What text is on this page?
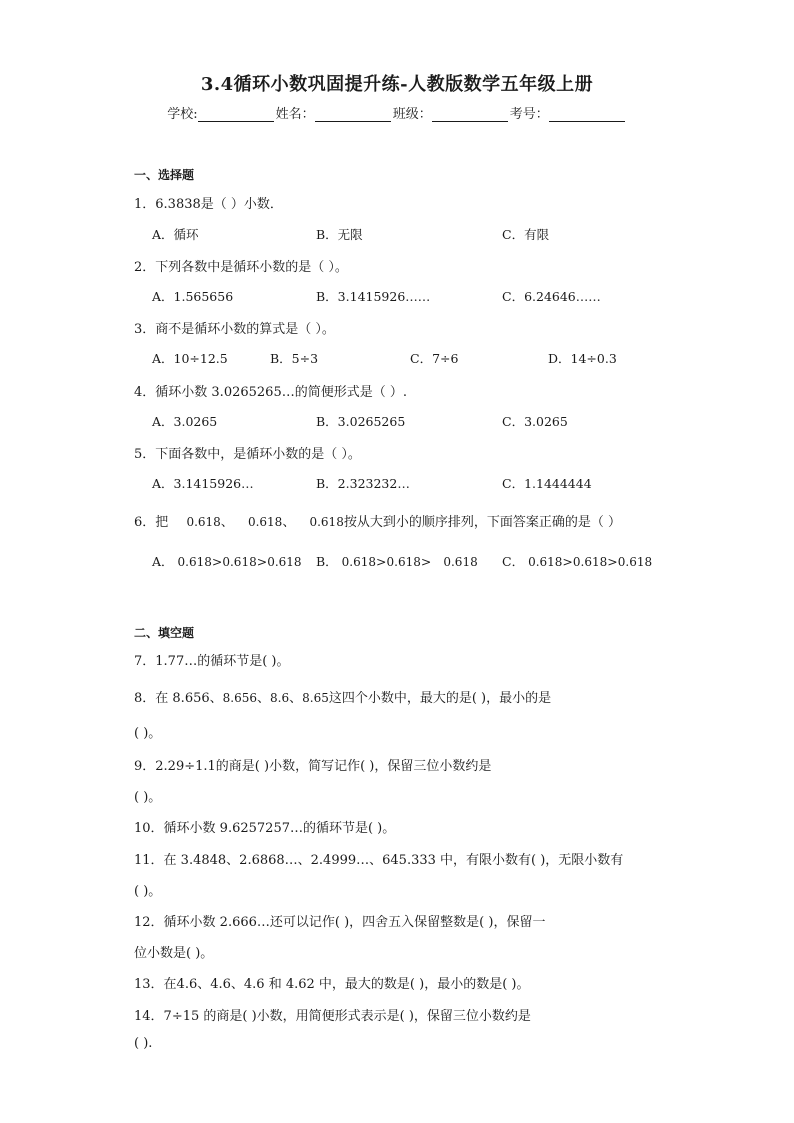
3.4循环小数巩固提升练-人教版数学五年级上册
学校:	姓名：	班级：	考号：
一、选择题
1．6.3838是（ ）小数．
A．循环	B．无限	C．有限
2．下列各数中是循环小数的是（ ）。
A．1.565656	B．3.1415926……	C．6.24646……
3．商不是循环小数的算式是（ ）。
A．10÷12.5	B．5÷3	C．7÷6	D．14÷0.3
4．循环小数 3.0265265…的简便形式是（ ）.
A．3.0265	B．3.0265265	C．3.0265
5．下面各数中，是循环小数的是（ ）。
A．3.1415926…	B．2.323232…	C．1.1444444
6．把 0.618、 0.618、 0.618按从大到小的顺序排列，下面答案正确的是（ ）
A． 0.618>0.618>0.618 B． 0.618>0.618> 0.618 C． 0.618>0.618>0.618
二、填空题
7．1.77…的循环节是( )。
8．在 8.656、8.656、8.6、8.65这四个小数中，最大的是( )，最小的是
( )。
9．2.29÷1.1的商是( )小数，简写记作( )，保留三位小数约是
( )。
10．循环小数 9.6257257…的循环节是( )。
11．在 3.4848、2.6868…、2.4999…、645.333 中，有限小数有( )，无限小数有
( )。
12．循环小数 2.666…还可以记作( )，四舍五入保留整数是( )，保留一
位小数是( )。
13．在4.6、4.6、4.6 和 4.62 中，最大的数是( )，最小的数是( )。
14．7÷15 的商是( )小数，用简便形式表示是( )，保留三位小数约是
( ).
